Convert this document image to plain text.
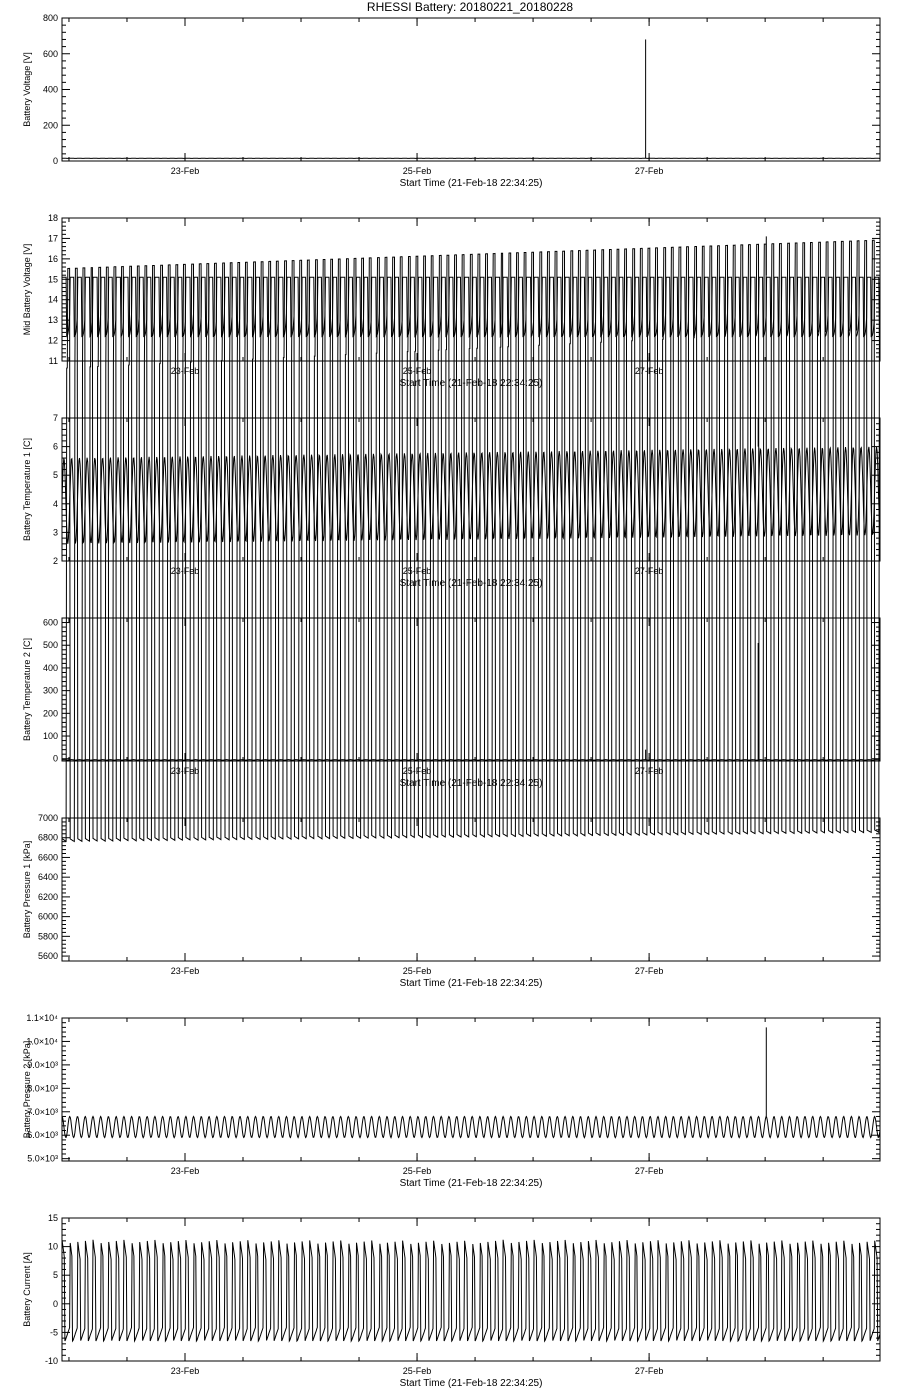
RHESSI Battery: 20180221_20180228
0
200
400
600
800
23-Feb	25-Feb	27-Feb
Start Time (21-Feb-18 22:34:25)
Battery Voltage [V]
11
12
13
14
15
16
17
18
23-Feb	25-Feb	27-Feb
Start Time (21-Feb-18 22:34:25)
Mid Battery Voltage [V]
2
3
4
5
6
7
23-Feb	25-Feb	27-Feb
Start Time (21-Feb-18 22:34:25)
Battery Temperature 1 [C]
0
100
200
300
400
500
600
23-Feb	25-Feb	27-Feb
Start Time (21-Feb-18 22:34:25)
Battery Temperature 2 [C]
5600
5800
6000
6200
6400
6600
6800
7000
23-Feb	25-Feb	27-Feb
Start Time (21-Feb-18 22:34:25)
Battery Pressure 1 [kPa]
5.0×10³
6.0×10³
7.0×10³
8.0×10³
9.0×10³
1.0×10⁴
1.1×10⁴
23-Feb	25-Feb	27-Feb
Start Time (21-Feb-18 22:34:25)
Battery Pressure 2 [kPa]
-10
-5
0
5
10
15
23-Feb	25-Feb	27-Feb
Start Time (21-Feb-18 22:34:25)
Battery Current [A]
